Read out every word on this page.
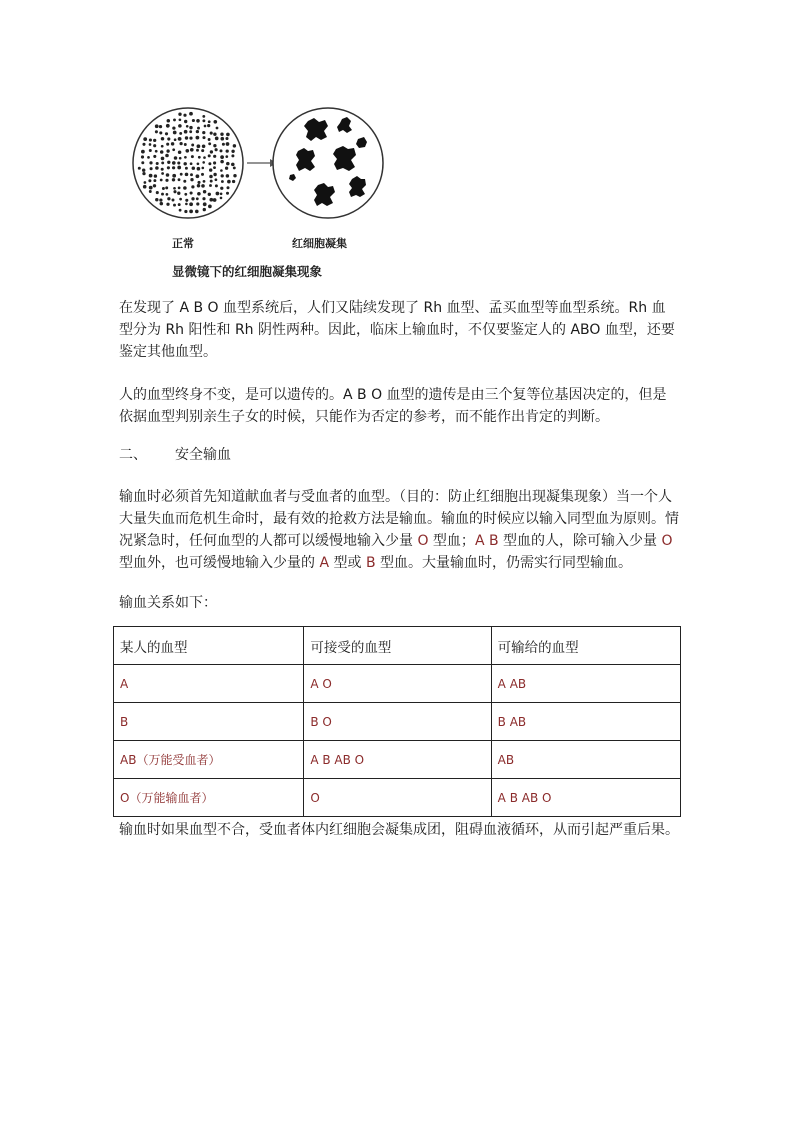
正常	红细胞凝集
显微镜下的红细胞凝集现象

在发现了 A B O 血型系统后，人们又陆续发现了 Rh 血型、孟买血型等血型系统。Rh 血型分为 Rh 阳性和 Rh 阴性两种。因此，临床上输血时，不仅要鉴定人的 ABO 血型，还要鉴定其他血型。

人的血型终身不变，是可以遗传的。A B O 血型的遗传是由三个复等位基因决定的，但是依据血型判别亲生子女的时候，只能作为否定的参考，而不能作出肯定的判断。

二、 安全输血

输血时必须首先知道献血者与受血者的血型。（目的：防止红细胞出现凝集现象）当一个人大量失血而危机生命时，最有效的抢救方法是输血。输血的时候应以输入同型血为原则。情况紧急时，任何血型的人都可以缓慢地输入少量 O 型血；A B 型血的人，除可输入少量 O 型血外，也可缓慢地输入少量的 A 型或 B 型血。大量输血时，仍需实行同型输血。

输血关系如下：

某人的血型	可接受的血型	可输给的血型
A	A O	A AB
B	B O	B AB
AB（万能受血者）	A B AB O	AB
O（万能输血者）	O	A B AB O

输血时如果血型不合，受血者体内红细胞会凝集成团，阻碍血液循环，从而引起严重后果。
